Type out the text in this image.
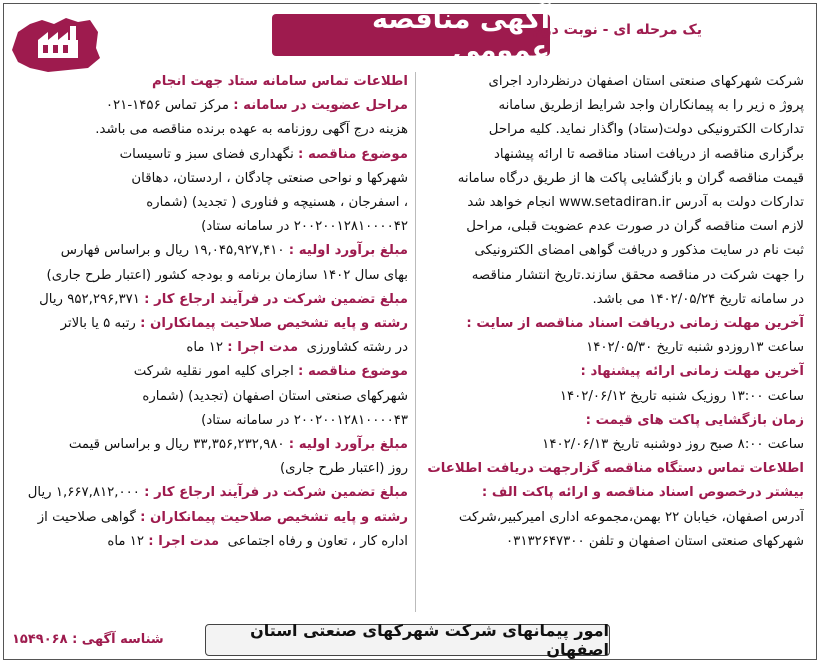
آگهی مناقصه عمومی
یک مرحله ای - نوبت دوم
شرکت شهرکهای صنعتی استان اصفهان درنظردارد اجرای
پروژ ه زیر را به پیمانکاران واجد شرایط ازطریق سامانه
تدارکات الکترونیکی دولت(ستاد) واگذار نماید. کلیه مراحل
برگزاری مناقصه از دریافت اسناد مناقصه تا ارائه پیشنهاد
قیمت مناقصه گران و بازگشایی پاکت ها از طریق درگاه سامانه
تدارکات دولت به آدرس www.setadiran.ir انجام خواهد شد
لازم است مناقصه گران در صورت عدم عضویت قبلی، مراحل
ثبت نام در سایت مذکور و دریافت گواهی امضای الکترونیکی
را جهت شرکت در مناقصه محقق سازند.تاریخ انتشار مناقصه
در سامانه تاریخ ۱۴۰۲/۰۵/۲۴ می باشد.
آخرین مهلت زمانی دریافت اسناد مناقصه از سایت :
ساعت ۱۳روزدو شنبه تاریخ ۱۴۰۲/۰۵/۳۰
آخرین مهلت زمانی ارائه پیشنهاد :
ساعت ۱۳:۰۰ روزیک شنبه تاریخ ۱۴۰۲/۰۶/۱۲
زمان بازگشایی پاکت های قیمت :
ساعت ۸:۰۰ صبح روز دوشنبه تاریخ ۱۴۰۲/۰۶/۱۳
اطلاعات تماس دستگاه مناقصه گزارجهت دریافت اطلاعات
بیشتر درخصوص اسناد مناقصه و ارائه پاکت الف :
آدرس اصفهان، خیابان ۲۲ بهمن،مجموعه اداری امیرکبیر،شرکت
شهرکهای صنعتی استان اصفهان و تلفن ۰۳۱۳۲۶۴۷۳۰۰
اطلاعات تماس سامانه ستاد جهت انجام
مراحل عضویت در سامانه : مرکز تماس ۱۴۵۶-۰۲۱
هزینه درج آگهی روزنامه به عهده برنده مناقصه می باشد.
موضوع مناقصه : نگهداری فضای سبز و تاسیسات
شهرکها و نواحی صنعتی چادگان ، اردستان، دهاقان
، اسفرجان ، هسنیچه و فناوری ( تجدید) (شماره
۲۰۰۲۰۰۱۲۸۱۰۰۰۰۴۲ در سامانه ستاد)
مبلغ برآورد اولیه : ۱۹,۰۴۵,۹۲۷,۴۱۰ ریال و براساس فهارس
بهای سال ۱۴۰۲ سازمان برنامه و بودجه کشور (اعتبار طرح جاری)
مبلغ تضمین شرکت در فرآیند ارجاع کار : ۹۵۲,۲۹۶,۳۷۱ ریال
رشته و پایه تشخیص صلاحیت پیمانکاران : رتبه ۵ یا بالاتر
در رشته کشاورزی  مدت اجرا : ۱۲ ماه
موضوع مناقصه : اجرای کلیه امور نقلیه شرکت
شهرکهای صنعتی استان اصفهان (تجدید) (شماره
۲۰۰۲۰۰۱۲۸۱۰۰۰۰۴۳ در سامانه ستاد)
مبلغ برآورد اولیه : ۳۳,۳۵۶,۲۳۲,۹۸۰ ریال و براساس قیمت
روز (اعتبار طرح جاری)
مبلغ تضمین شرکت در فرآیند ارجاع کار : ۱,۶۶۷,۸۱۲,۰۰۰ ریال
رشته و پایه تشخیص صلاحیت پیمانکاران : گواهی صلاحیت از
اداره کار ، تعاون و رفاه اجتماعی  مدت اجرا : ۱۲ ماه
امور پیمانهای شرکت شهرکهای صنعتی استان اصفهان
شناسه آگهی : ۱۵۴۹۰۶۸
